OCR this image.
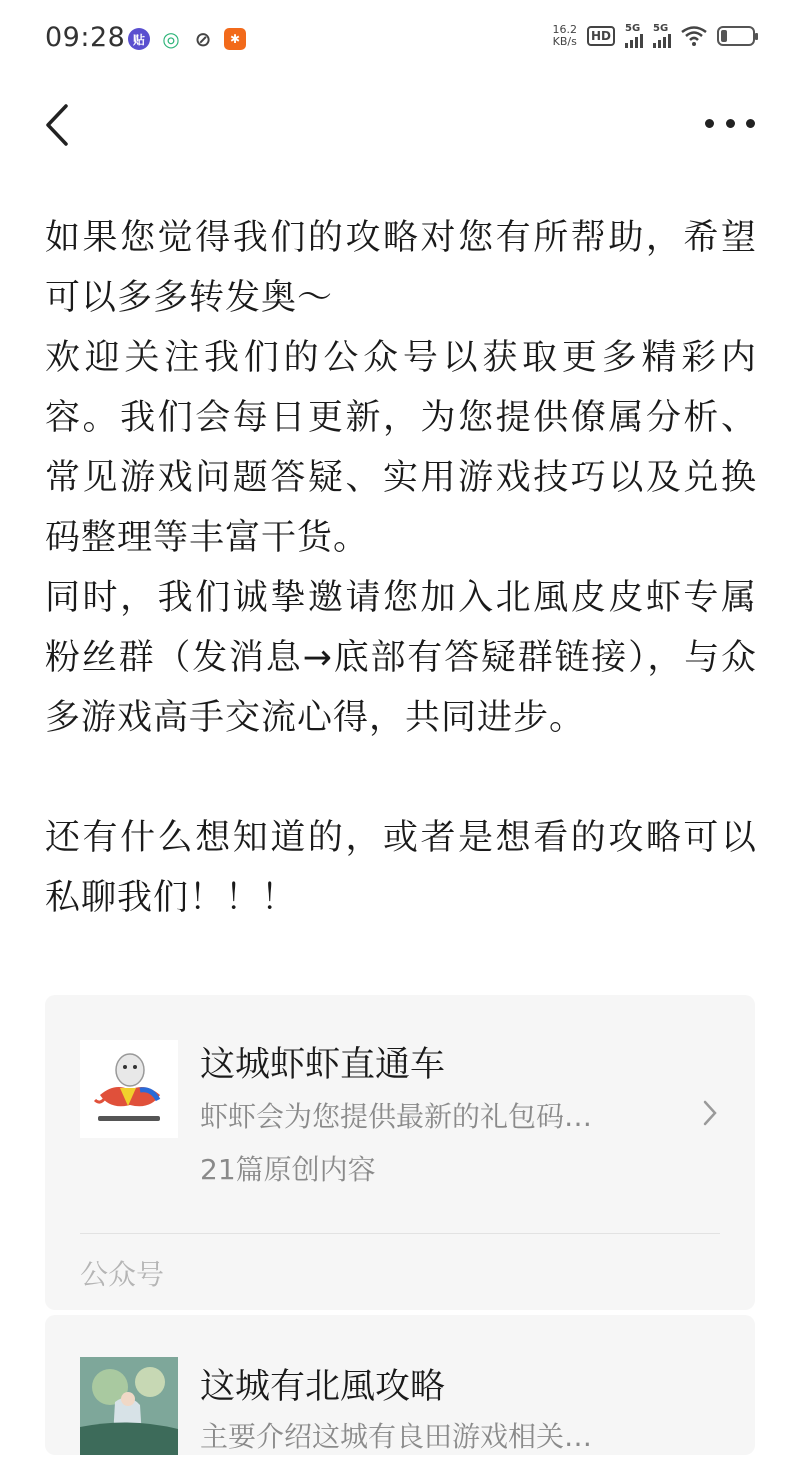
09:28 贴 ◎ ⊘	✱
16.2
KB/s	HD
5G 5G

如果您觉得我们的攻略对您有所帮助，希望可以多多转发奥～

欢迎关注我们的公众号以获取更多精彩内容。我们会每日更新，为您提供僚属分析、常见游戏问题答疑、实用游戏技巧以及兑换码整理等丰富干货。

同时，我们诚挚邀请您加入北風皮皮虾专属粉丝群（发消息→底部有答疑群链接），与众多游戏高手交流心得，共同进步。

还有什么想知道的，或者是想看的攻略可以私聊我们！！！

这城虾虾直通车
虾虾会为您提供最新的礼包码…
21篇原创内容
公众号
这城有北風攻略
主要介绍这城有良田游戏相关…
